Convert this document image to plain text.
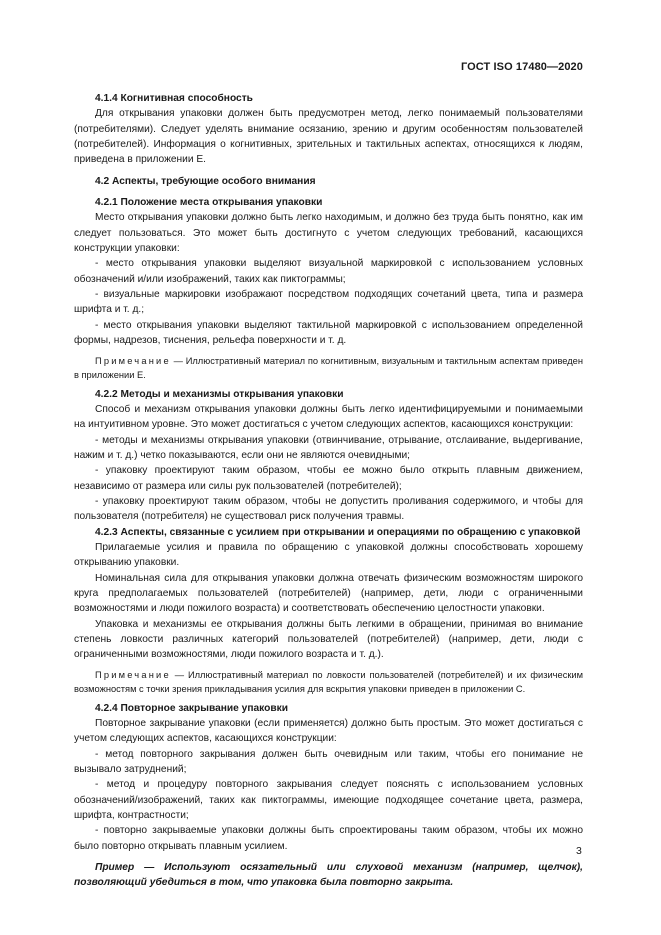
ГОСТ ISO 17480—2020

4.1.4 Когнитивная способность

Для открывания упаковки должен быть предусмотрен метод, легко понимаемый пользователями (потребителями). Следует уделять внимание осязанию, зрению и другим особенностям пользователей (потребителей). Информация о когнитивных, зрительных и тактильных аспектах, относящихся к людям, приведена в приложении Е.

4.2 Аспекты, требующие особого внимания

4.2.1 Положение места открывания упаковки

Место открывания упаковки должно быть легко находимым, и должно без труда быть понятно, как им следует пользоваться. Это может быть достигнуто с учетом следующих требований, касающихся конструкции упаковки:

- место открывания упаковки выделяют визуальной маркировкой с использованием условных обозначений и/или изображений, таких как пиктограммы;

- визуальные маркировки изображают посредством подходящих сочетаний цвета, типа и размера шрифта и т. д.;

- место открывания упаковки выделяют тактильной маркировкой с использованием определенной формы, надрезов, тиснения, рельефа поверхности и т. д.

Примечание — Иллюстративный материал по когнитивным, визуальным и тактильным аспектам приведен в приложении Е.

4.2.2 Методы и механизмы открывания упаковки

Способ и механизм открывания упаковки должны быть легко идентифицируемыми и понимаемыми на интуитивном уровне. Это может достигаться с учетом следующих аспектов, касающихся конструкции:

- методы и механизмы открывания упаковки (отвинчивание, отрывание, отслаивание, выдергивание, нажим и т. д.) четко показываются, если они не являются очевидными;

- упаковку проектируют таким образом, чтобы ее можно было открыть плавным движением, независимо от размера или силы рук пользователей (потребителей);

- упаковку проектируют таким образом, чтобы не допустить проливания содержимого, и чтобы для пользователя (потребителя) не существовал риск получения травмы.

4.2.3 Аспекты, связанные с усилием при открывании и операциями по обращению с упаковкой

Прилагаемые усилия и правила по обращению с упаковкой должны способствовать хорошему открыванию упаковки.

Номинальная сила для открывания упаковки должна отвечать физическим возможностям широкого круга предполагаемых пользователей (потребителей) (например, дети, люди с ограниченными возможностями и люди пожилого возраста) и соответствовать обеспечению целостности упаковки.

Упаковка и механизмы ее открывания должны быть легкими в обращении, принимая во внимание степень ловкости различных категорий пользователей (потребителей) (например, дети, люди с ограниченными возможностями, люди пожилого возраста и т. д.).

Примечание — Иллюстративный материал по ловкости пользователей (потребителей) и их физическим возможностям с точки зрения прикладывания усилия для вскрытия упаковки приведен в приложении С.

4.2.4 Повторное закрывание упаковки

Повторное закрывание упаковки (если применяется) должно быть простым. Это может достигаться с учетом следующих аспектов, касающихся конструкции:

- метод повторного закрывания должен быть очевидным или таким, чтобы его понимание не вызывало затруднений;

- метод и процедуру повторного закрывания следует пояснять с использованием условных обозначений/изображений, таких как пиктограммы, имеющие подходящее сочетание цвета, размера, шрифта, контрастности;

- повторно закрываемые упаковки должны быть спроектированы таким образом, чтобы их можно было повторно открывать плавным усилием.

Пример — Используют осязательный или слуховой механизм (например, щелчок), позволяющий убедиться в том, что упаковка была повторно закрыта.

3
